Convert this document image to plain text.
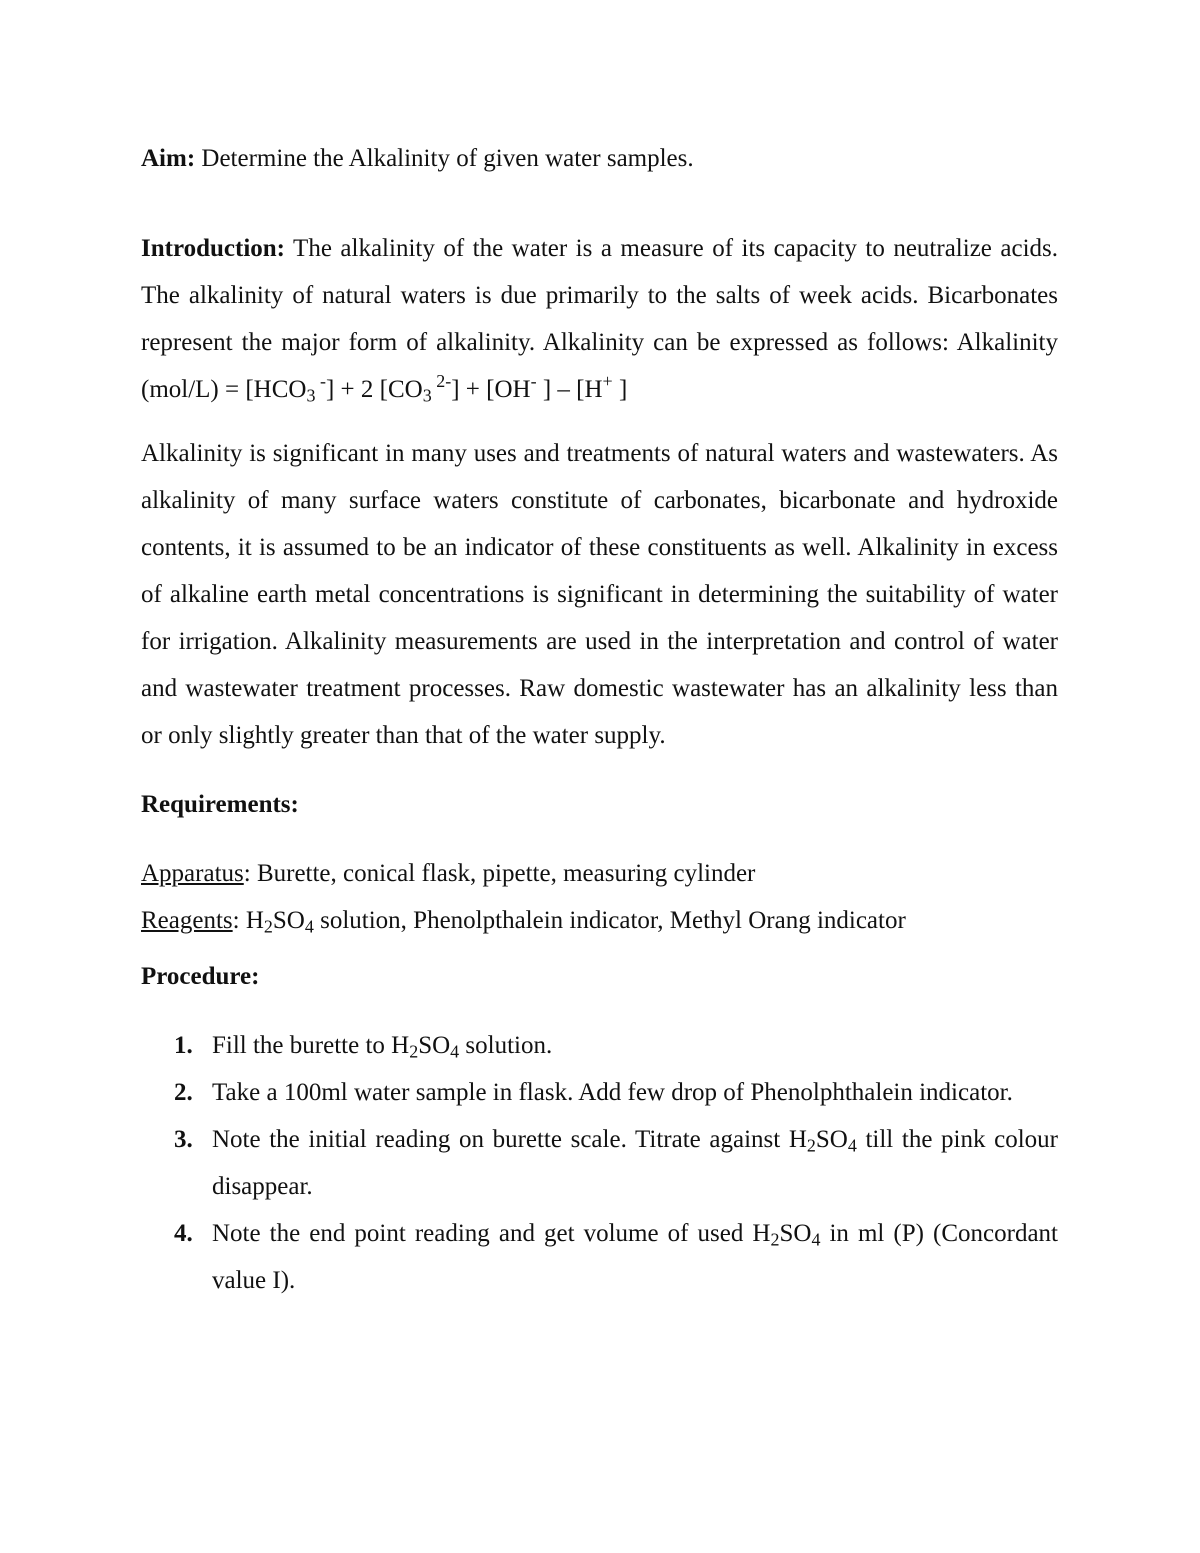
Aim: Determine the Alkalinity of given water samples.

Introduction: The alkalinity of the water is a measure of its capacity to neutralize acids. The alkalinity of natural waters is due primarily to the salts of week acids. Bicarbonates represent the major form of alkalinity. Alkalinity can be expressed as follows: Alkalinity $(mol/L) = [HCO_3$ -] + 2 [$CO_3$ $^{2-}$] + [OH- ] – [H+ ]

Alkalinity is significant in many uses and treatments of natural waters and wastewaters. As alkalinity of many surface waters constitute of carbonates, bicarbonate and hydroxide contents, it is assumed to be an indicator of these constituents as well. Alkalinity in excess of alkaline earth metal concentrations is significant in determining the suitability of water for irrigation. Alkalinity measurements are used in the interpretation and control of water and wastewater treatment processes. Raw domestic wastewater has an alkalinity less than or only slightly greater than that of the water supply.

Requirements:

Apparatus: Burette, conical flask, pipette, measuring cylinder

Reagents: $H_2SO_4$ solution, Phenolpthalein indicator, Methyl Orang indicator

Procedure:

1. Fill the burette to $H_2SO_4$ solution.
2. Take a 100ml water sample in flask. Add few drop of Phenolphthalein indicator.
3. Note the initial reading on burette scale. Titrate against $H_2SO_4$ till the pink colour disappear.
4. Note the end point reading and get volume of used $H_2SO_4$ in ml (P) (Concordant value I).
